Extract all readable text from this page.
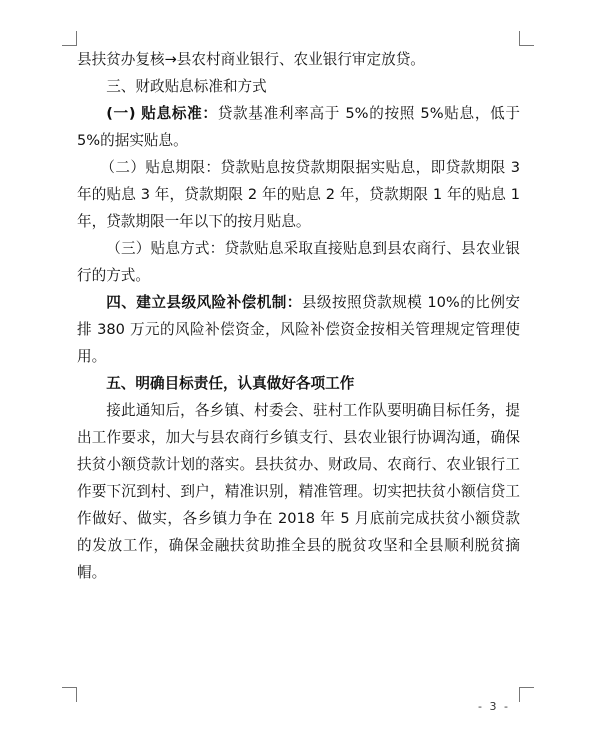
县扶贫办复核→县农村商业银行、农业银行审定放贷。

三、财政贴息标准和方式

(一) 贴息标准：贷款基准利率高于 5%的按照 5%贴息，低于 5%的据实贴息。

（二）贴息期限：贷款贴息按贷款期限据实贴息，即贷款期限 3 年的贴息 3 年，贷款期限 2 年的贴息 2 年，贷款期限 1 年的贴息 1 年，贷款期限一年以下的按月贴息。

（三）贴息方式：贷款贴息采取直接贴息到县农商行、县农业银行的方式。

四、建立县级风险补偿机制：县级按照贷款规模 10%的比例安排 380 万元的风险补偿资金，风险补偿资金按相关管理规定管理使用。

五、明确目标责任，认真做好各项工作

接此通知后，各乡镇、村委会、驻村工作队要明确目标任务，提出工作要求，加大与县农商行乡镇支行、县农业银行协调沟通，确保扶贫小额贷款计划的落实。县扶贫办、财政局、农商行、农业银行工作要下沉到村、到户，精准识别，精准管理。切实把扶贫小额信贷工作做好、做实，各乡镇力争在 2018 年 5 月底前完成扶贫小额贷款的发放工作，确保金融扶贫助推全县的脱贫攻坚和全县顺利脱贫摘帽。

- 3 -
